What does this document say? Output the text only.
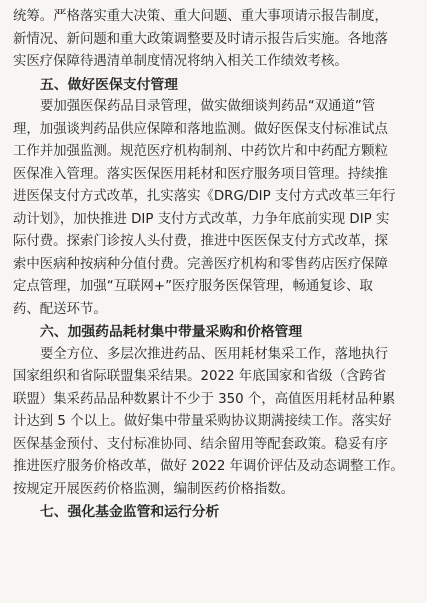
统筹。严格落实重大决策、重大问题、重大事项请示报告制度，
新情况、新问题和重大政策调整要及时请示报告后实施。各地落
实医疗保障待遇清单制度情况将纳入相关工作绩效考核。
五、做好医保支付管理
要加强医保药品目录管理，做实做细谈判药品“双通道”管
理，加强谈判药品供应保障和落地监测。做好医保支付标准试点
工作并加强监测。规范医疗机构制剂、中药饮片和中药配方颗粒
医保准入管理。落实医保医用耗材和医疗服务项目管理。持续推
进医保支付方式改革，扎实落实《DRG/DIP 支付方式改革三年行
动计划》，加快推进 DIP 支付方式改革，力争年底前实现 DIP 实
际付费。探索门诊按人头付费，推进中医医保支付方式改革，探
索中医病种按病种分值付费。完善医疗机构和零售药店医疗保障
定点管理，加强“互联网+”医疗服务医保管理，畅通复诊、取
药、配送环节。
六、加强药品耗材集中带量采购和价格管理
要全方位、多层次推进药品、医用耗材集采工作，落地执行
国家组织和省际联盟集采结果。2022 年底国家和省级（含跨省
联盟）集采药品品种数累计不少于 350 个，高值医用耗材品种累
计达到 5 个以上。做好集中带量采购协议期满接续工作。落实好
医保基金预付、支付标准协同、结余留用等配套政策。稳妥有序
推进医疗服务价格改革，做好 2022 年调价评估及动态调整工作。
按规定开展医药价格监测，编制医药价格指数。
七、强化基金监管和运行分析
